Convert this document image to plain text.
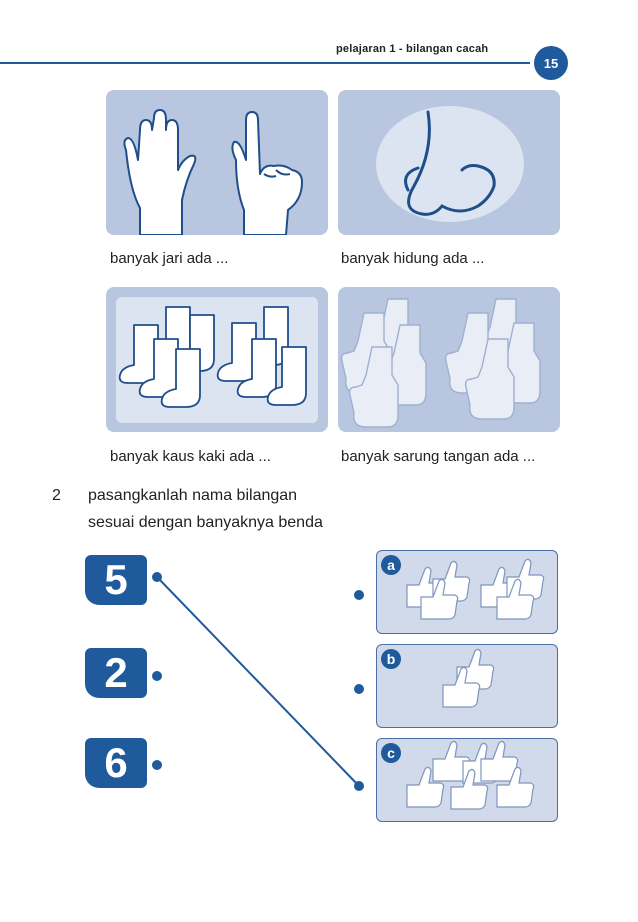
pelajaran 1 - bilangan cacah
15
banyak jari ada ...	banyak hidung ada ...
banyak kaus kaki ada ...	banyak sarung tangan ada ...
2 pasangkanlah nama bilangan
sesuai dengan banyaknya benda
5
2
6
a
b
c
